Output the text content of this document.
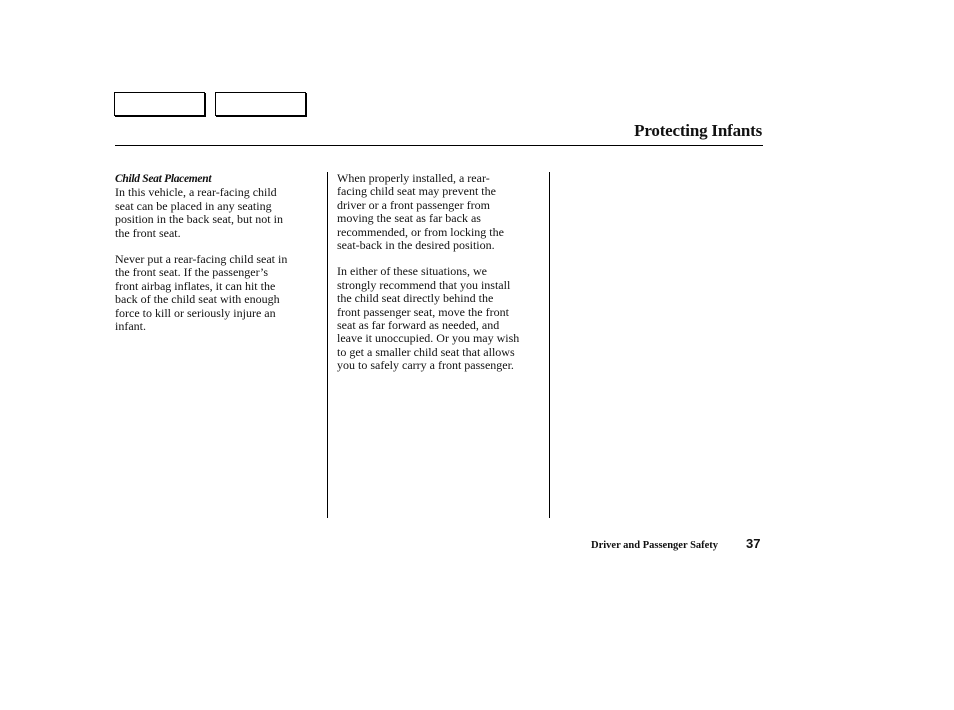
Protecting Infants
Child Seat Placement

In this vehicle, a rear-facing child
seat can be placed in any seating
position in the back seat, but not in
the front seat.

Never put a rear-facing child seat in
the front seat. If the passenger’s
front airbag inflates, it can hit the
back of the child seat with enough
force to kill or seriously injure an
infant.

When properly installed, a rear-
facing child seat may prevent the
driver or a front passenger from
moving the seat as far back as
recommended, or from locking the
seat-back in the desired position.

In either of these situations, we
strongly recommend that you install
the child seat directly behind the
front passenger seat, move the front
seat as far forward as needed, and
leave it unoccupied. Or you may wish
to get a smaller child seat that allows
you to safely carry a front passenger.

Driver and Passenger Safety 37
